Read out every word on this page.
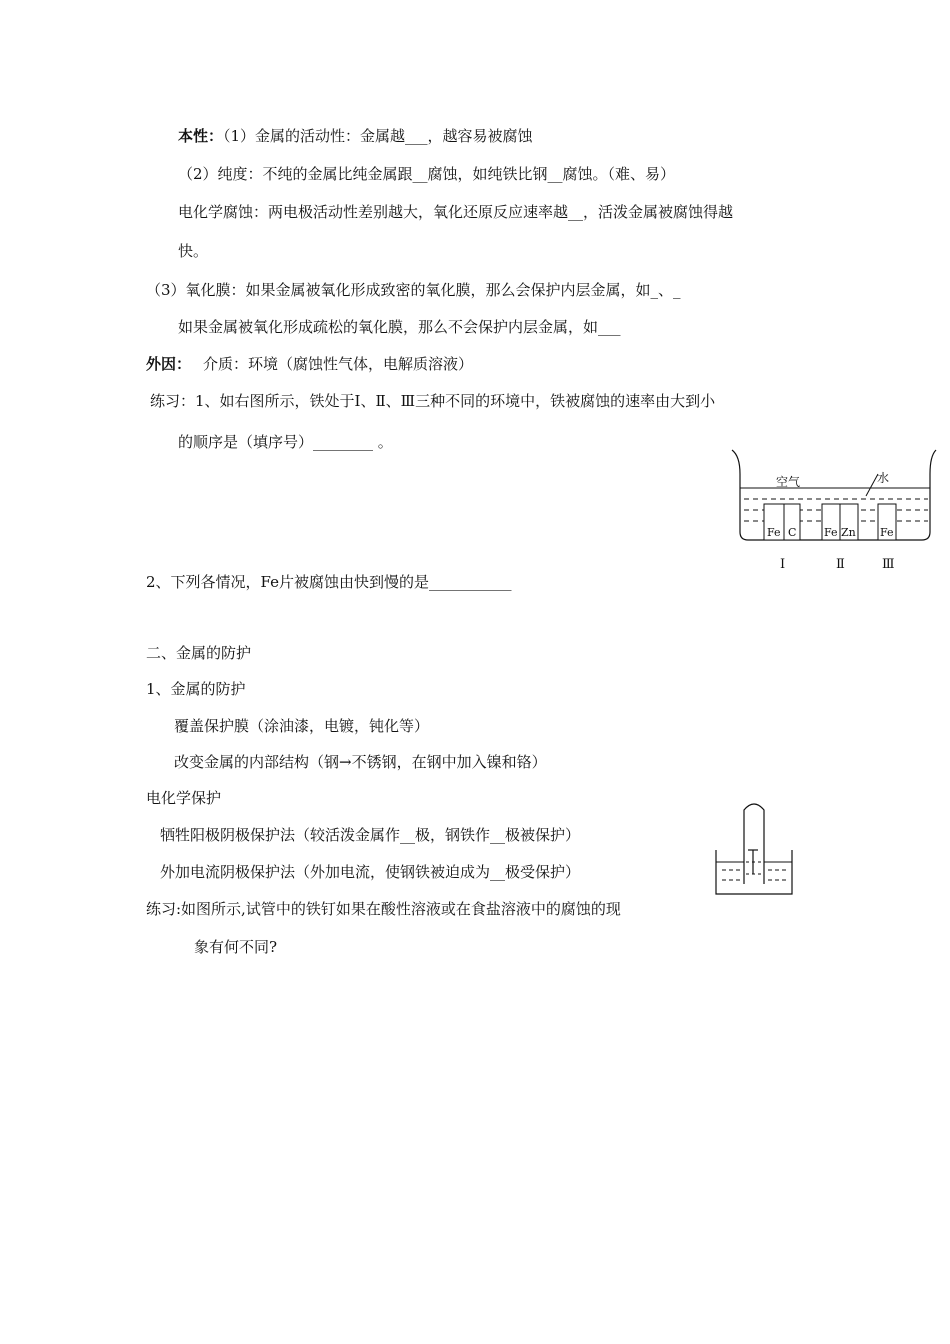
本性：（1）金属的活动性：金属越___，越容易被腐蚀
（2）纯度：不纯的金属比纯金属跟__腐蚀，如纯铁比钢__腐蚀。（难、易）
电化学腐蚀：两电极活动性差别越大，氧化还原反应速率越__，活泼金属被腐蚀得越
快。
（3）氧化膜：如果金属被氧化形成致密的氧化膜，那么会保护内层金属，如_、_
如果金属被氧化形成疏松的氧化膜，那么不会保护内层金属，如___
外因： 介质：环境（腐蚀性气体，电解质溶液）
练习：1、如右图所示，铁处于Ⅰ、Ⅱ、Ⅲ三种不同的环境中，铁被腐蚀的速率由大到小
的顺序是（填序号）________ 。
空气	水
Fe C	Fe Zn Fe
Ⅰ	Ⅱ	Ⅲ
2、下列各情况，Fe片被腐蚀由快到慢的是___________
二、金属的防护
1、金属的防护
覆盖保护膜（涂油漆，电镀，钝化等）
改变金属的内部结构（钢→不锈钢，在钢中加入镍和铬）
电化学保护
牺牲阳极阴极保护法（较活泼金属作__极，钢铁作__极被保护）
外加电流阴极保护法（外加电流，使钢铁被迫成为__极受保护）
练习:如图所示,试管中的铁钉如果在酸性溶液或在食盐溶液中的腐蚀的现
象有何不同?
